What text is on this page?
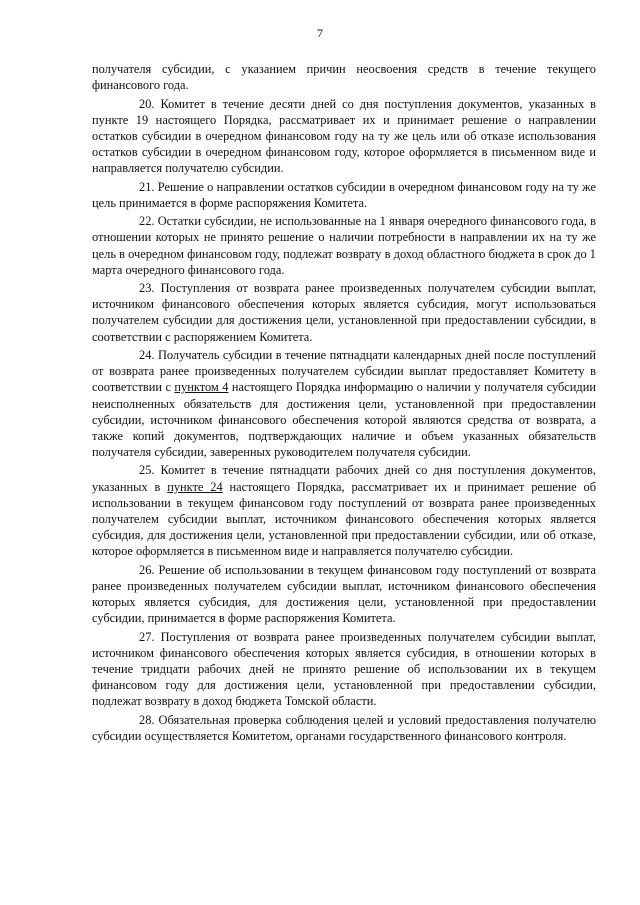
7

получателя субсидии, с указанием причин неосвоения средств в течение текущего финансового года.

20. Комитет в течение десяти дней со дня поступления документов, указанных в пункте 19 настоящего Порядка, рассматривает их и принимает решение о направлении остатков субсидии в очередном финансовом году на ту же цель или об отказе использования остатков субсидии в очередном финансовом году, которое оформляется в письменном виде и направляется получателю субсидии.

21. Решение о направлении остатков субсидии в очередном финансовом году на ту же цель принимается в форме распоряжения Комитета.

22. Остатки субсидии, не использованные на 1 января очередного финансового года, в отношении которых не принято решение о наличии потребности в направлении их на ту же цель в очередном финансовом году, подлежат возврату в доход областного бюджета в срок до 1 марта очередного финансового года.

23. Поступления от возврата ранее произведенных получателем субсидии выплат, источником финансового обеспечения которых является субсидия, могут использоваться получателем субсидии для достижения цели, установленной при предоставлении субсидии, в соответствии с распоряжением Комитета.

24. Получатель субсидии в течение пятнадцати календарных дней после поступлений от возврата ранее произведенных получателем субсидии выплат предоставляет Комитету в соответствии с пунктом 4 настоящего Порядка информацию о наличии у получателя субсидии неисполненных обязательств для достижения цели, установленной при предоставлении субсидии, источником финансового обеспечения которой являются средства от возврата, а также копий документов, подтверждающих наличие и объем указанных обязательств получателя субсидии, заверенных руководителем получателя субсидии.

25. Комитет в течение пятнадцати рабочих дней со дня поступления документов, указанных в пункте 24 настоящего Порядка, рассматривает их и принимает решение об использовании в текущем финансовом году поступлений от возврата ранее произведенных получателем субсидии выплат, источником финансового обеспечения которых является субсидия, для достижения цели, установленной при предоставлении субсидии, или об отказе, которое оформляется в письменном виде и направляется получателю субсидии.

26. Решение об использовании в текущем финансовом году поступлений от возврата ранее произведенных получателем субсидии выплат, источником финансового обеспечения которых является субсидия, для достижения цели, установленной при предоставлении субсидии, принимается в форме распоряжения Комитета.

27. Поступления от возврата ранее произведенных получателем субсидии выплат, источником финансового обеспечения которых является субсидия, в отношении которых в течение тридцати рабочих дней не принято решение об использовании их в текущем финансовом году для достижения цели, установленной при предоставлении субсидии, подлежат возврату в доход бюджета Томской области.

28. Обязательная проверка соблюдения целей и условий предоставления получателю субсидии осуществляется Комитетом, органами государственного финансового контроля.
